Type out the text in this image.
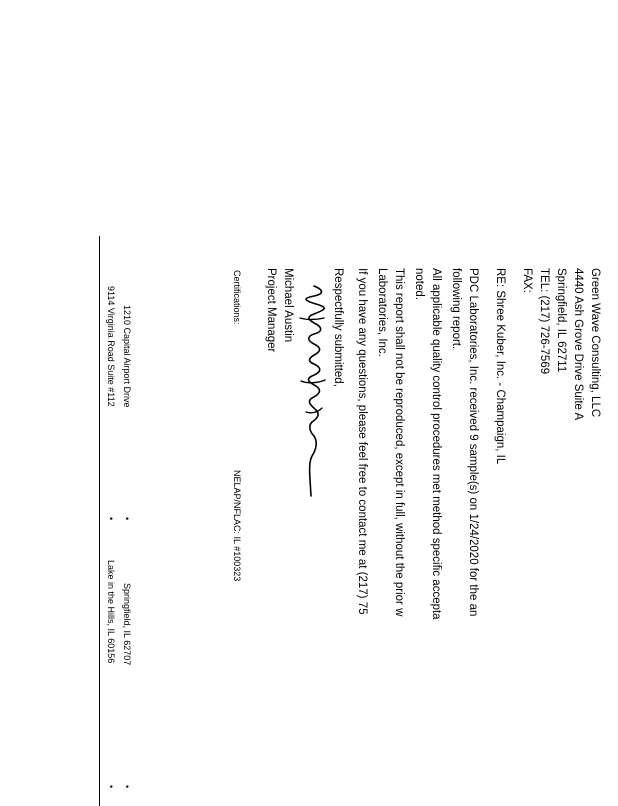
Green Wave Consulting, LLC
4440 Ash Grove Drive Suite A
Springfield, IL 62711
TEL: (217) 726-7569
FAX:
RE: Shree Kuber, Inc. - Champaign, IL
PDC Laboratories, Inc. received 9 sample(s) on 1/24/2020 for the an
following report.
All applicable quality control procedures met method specific accepta
noted.
This report shall not be reproduced, except in full, without the prior w
Laboratories, Inc.
If you have any questions, please feel free to contact me at (217) 75
Respectfully submitted,
Michael Austin
Project Manager
Certifications:
NELAP/NFLAC: IL #100323
1210 Capital Airport Drive
•
Springfield, IL 62707
•
9114 Virginia Road Suite #112
•
Lake in the Hills, IL 60156
•
